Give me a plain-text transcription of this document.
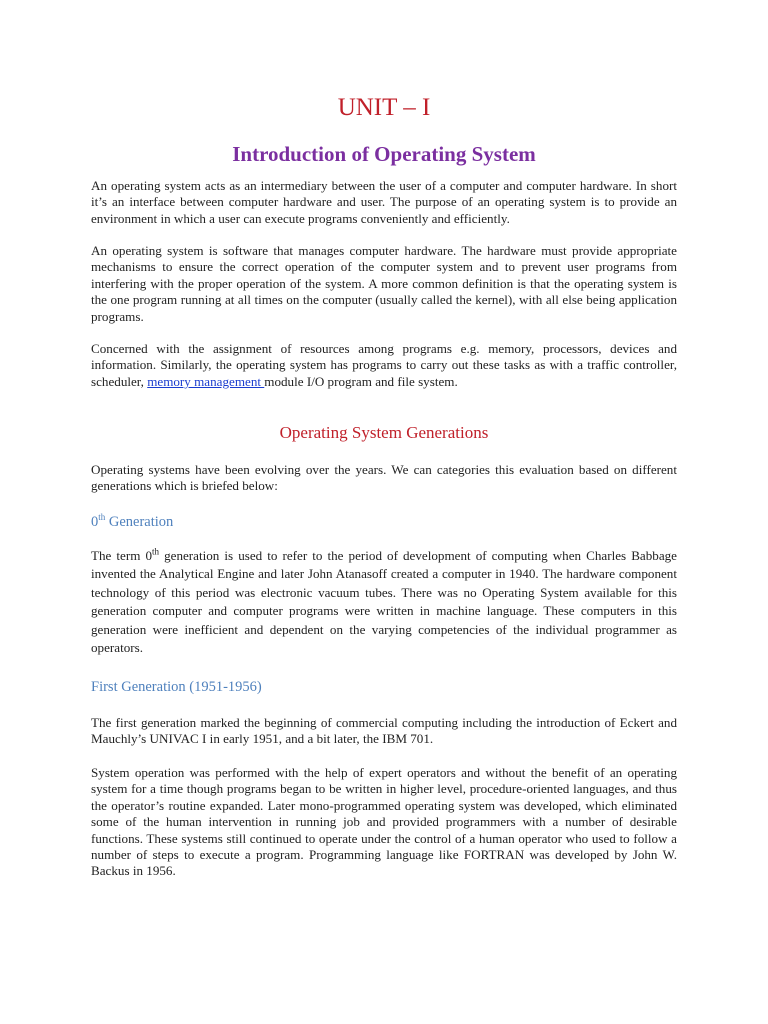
UNIT – I
Introduction of Operating System

An operating system acts as an intermediary between the user of a computer and computer hardware. In short it’s an interface between computer hardware and user. The purpose of an operating system is to provide an environment in which a user can execute programs conveniently and efficiently.

An operating system is software that manages computer hardware. The hardware must provide appropriate mechanisms to ensure the correct operation of the computer system and to prevent user programs from interfering with the proper operation of the system. A more common definition is that the operating system is the one program running at all times on the computer (usually called the kernel), with all else being application programs.

Concerned with the assignment of resources among programs e.g. memory, processors, devices and information. Similarly, the operating system has programs to carry out these tasks as with a traffic controller, scheduler, memory management module I/O program and file system.

Operating System Generations

Operating systems have been evolving over the years. We can categories this evaluation based on different generations which is briefed below:

0th Generation

The term 0th generation is used to refer to the period of development of computing when Charles Babbage invented the Analytical Engine and later John Atanasoff created a computer in 1940. The hardware component technology of this period was electronic vacuum tubes. There was no Operating System available for this generation computer and computer programs were written in machine language. These computers in this generation were inefficient and dependent on the varying competencies of the individual programmer as operators.

First Generation (1951-1956)

The first generation marked the beginning of commercial computing including the introduction of Eckert and Mauchly’s UNIVAC I in early 1951, and a bit later, the IBM 701.

System operation was performed with the help of expert operators and without the benefit of an operating system for a time though programs began to be written in higher level, procedure-oriented languages, and thus the operator’s routine expanded. Later mono-programmed operating system was developed, which eliminated some of the human intervention in running job and provided programmers with a number of desirable functions. These systems still continued to operate under the control of a human operator who used to follow a number of steps to execute a program. Programming language like FORTRAN was developed by John W. Backus in 1956.
